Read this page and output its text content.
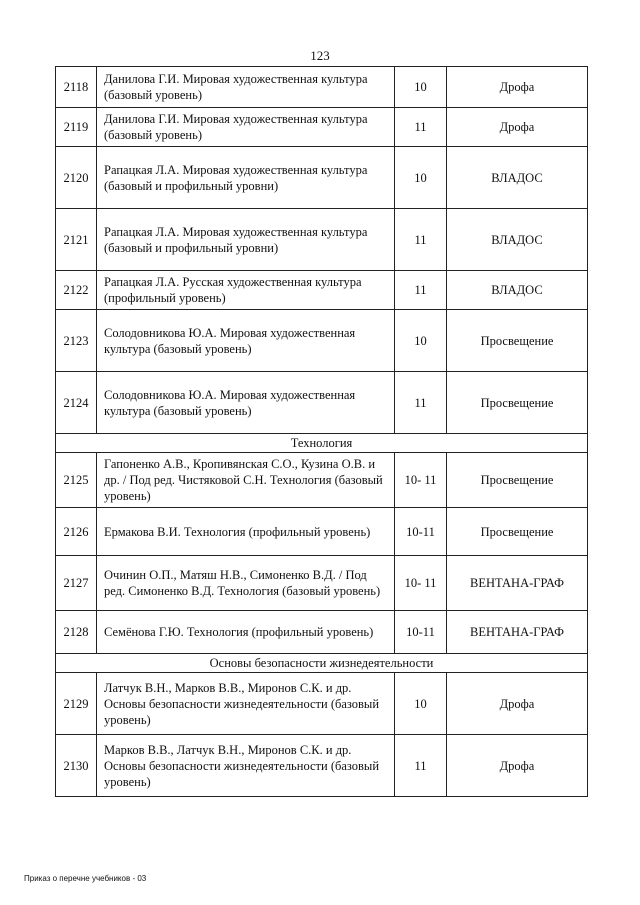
123
2118	Данилова Г.И. Мировая художественная культура (базовый уровень)	10	Дрофа
2119	Данилова Г.И. Мировая художественная культура (базовый уровень)	11	Дрофа
2120	Рапацкая Л.А. Мировая художественная культура (базовый и профильный уровни)	10	ВЛАДОС
2121	Рапацкая Л.А. Мировая художественная культура (базовый и профильный уровни)	11	ВЛАДОС
2122	Рапацкая Л.А. Русская художественная культура (профильный уровень)	11	ВЛАДОС
2123	Солодовникова Ю.А. Мировая художественная культура (базовый уровень)	10	Просвещение
2124	Солодовникова Ю.А. Мировая художественная культура (базовый уровень)	11	Просвещение
Технология			
2125	Гапоненко А.В., Кропивянская С.О., Кузина О.В. и др. / Под ред. Чистяковой С.Н. Технология (базовый уровень)	10- 11	Просвещение
2126	Ермакова В.И. Технология (профильный уровень)	10-11	Просвещение
2127	Очинин О.П., Матяш Н.В., Симоненко В.Д. / Под ред. Симоненко В.Д. Технология (базовый уровень)	10- 11	ВЕНТАНА-ГРАФ
2128	Семёнова Г.Ю. Технология (профильный уровень)	10-11	ВЕНТАНА-ГРАФ
Основы безопасности жизнедеятельности			
2129	Латчук В.Н., Марков В.В., Миронов С.К. и др. Основы безопасности жизнедеятельности (базовый уровень)	10	Дрофа
2130	Марков В.В., Латчук В.Н., Миронов С.К. и др. Основы безопасности жизнедеятельности (базовый уровень)	11	Дрофа
Приказ о перечне учебников - 03
